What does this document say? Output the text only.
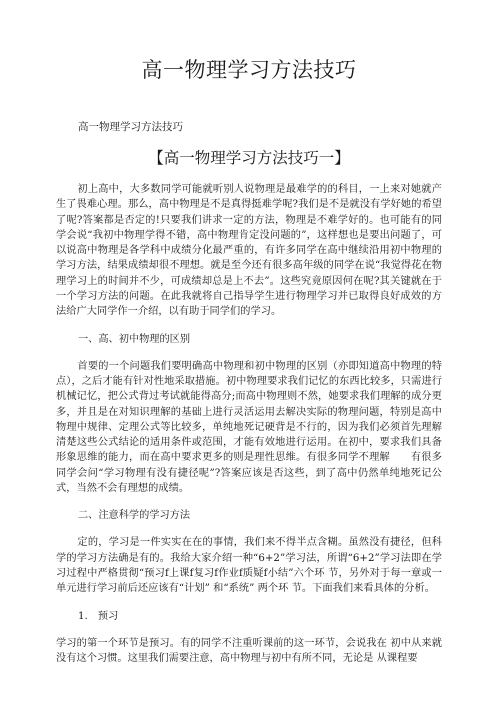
高一物理学习方法技巧
高一物理学习方法技巧
【高一物理学习方法技巧一】

初上高中，大多数同学可能就听别人说物理是最难学的的科目，一上来对她就产生了畏难心理。那么，高中物理是不是真得挺难学呢?我们是不是就没有学好她的希望了呢?答案都是否定的!只要我们讲求一定的方法，物理是不难学好的。也可能有的同学会说“我初中物理学得不错，高中物理肯定没问题的”，这样想也是要出问题了，可以说高中物理是各学科中成绩分化最严重的，有许多同学在高中继续沿用初中物理的学习方法，结果成绩却很不理想。就是至今还有很多高年级的同学在说“我觉得花在物理学习上的时间并不少，可成绩却总是上不去”。这些究竟原因何在呢?其关键就在于一个学习方法的问题。在此我就将自己指导学生进行物理学习并已取得良好成效的方法给广大同学作一介绍，以有助于同学们的学习。

一、高、初中物理的区别

首要的一个问题我们要明确高中物理和初中物理的区别（亦即知道高中物理的特点），之后才能有针对性地采取措施。初中物理要求我们记忆的东西比较多，只需进行机械记忆，把公式背过考试就能得高分;而高中物理则不然，她要求我们理解的成分更多，并且是在对知识理解的基础上进行灵活运用去解决实际的物理问题，特别是高中物理中规律、定理公式等比较多，单纯地死记硬背是不行的，因为我们必须首先理解清楚这些公式结论的适用条件或范围，才能有效地进行运用。在初中，要求我们具备形象思维的能力，而在高中要求更多的则是理性思维。有很多同学不理解　　有很多同学会问“学习物理有没有捷径呢”?答案应该是否这些，到了高中仍然单纯地死记公式，当然不会有理想的成绩。

二、注意科学的学习方法

定的，学习是一件实实在在的事情，我们来不得半点含糊。虽然没有捷径，但科学的学习方法确是有的。我给大家介绍一种“6+2”学习法，所谓“6+2”学习法即在学习过程中严格贯彻“预习f上课f复习f作业f质疑f小结”六个环 节，另外对于每一章或一单元进行学习前后还应该有“计划” 和“系统” 两个环 节。下面我们来看具体的分析。

1.　预习

学习的第一个环节是预习。有的同学不注重听课前的这一环节，会说我在 初中从来就没有这个习惯。这里我们需要注意，高中物理与初中有所不同，无论是 从课程要
